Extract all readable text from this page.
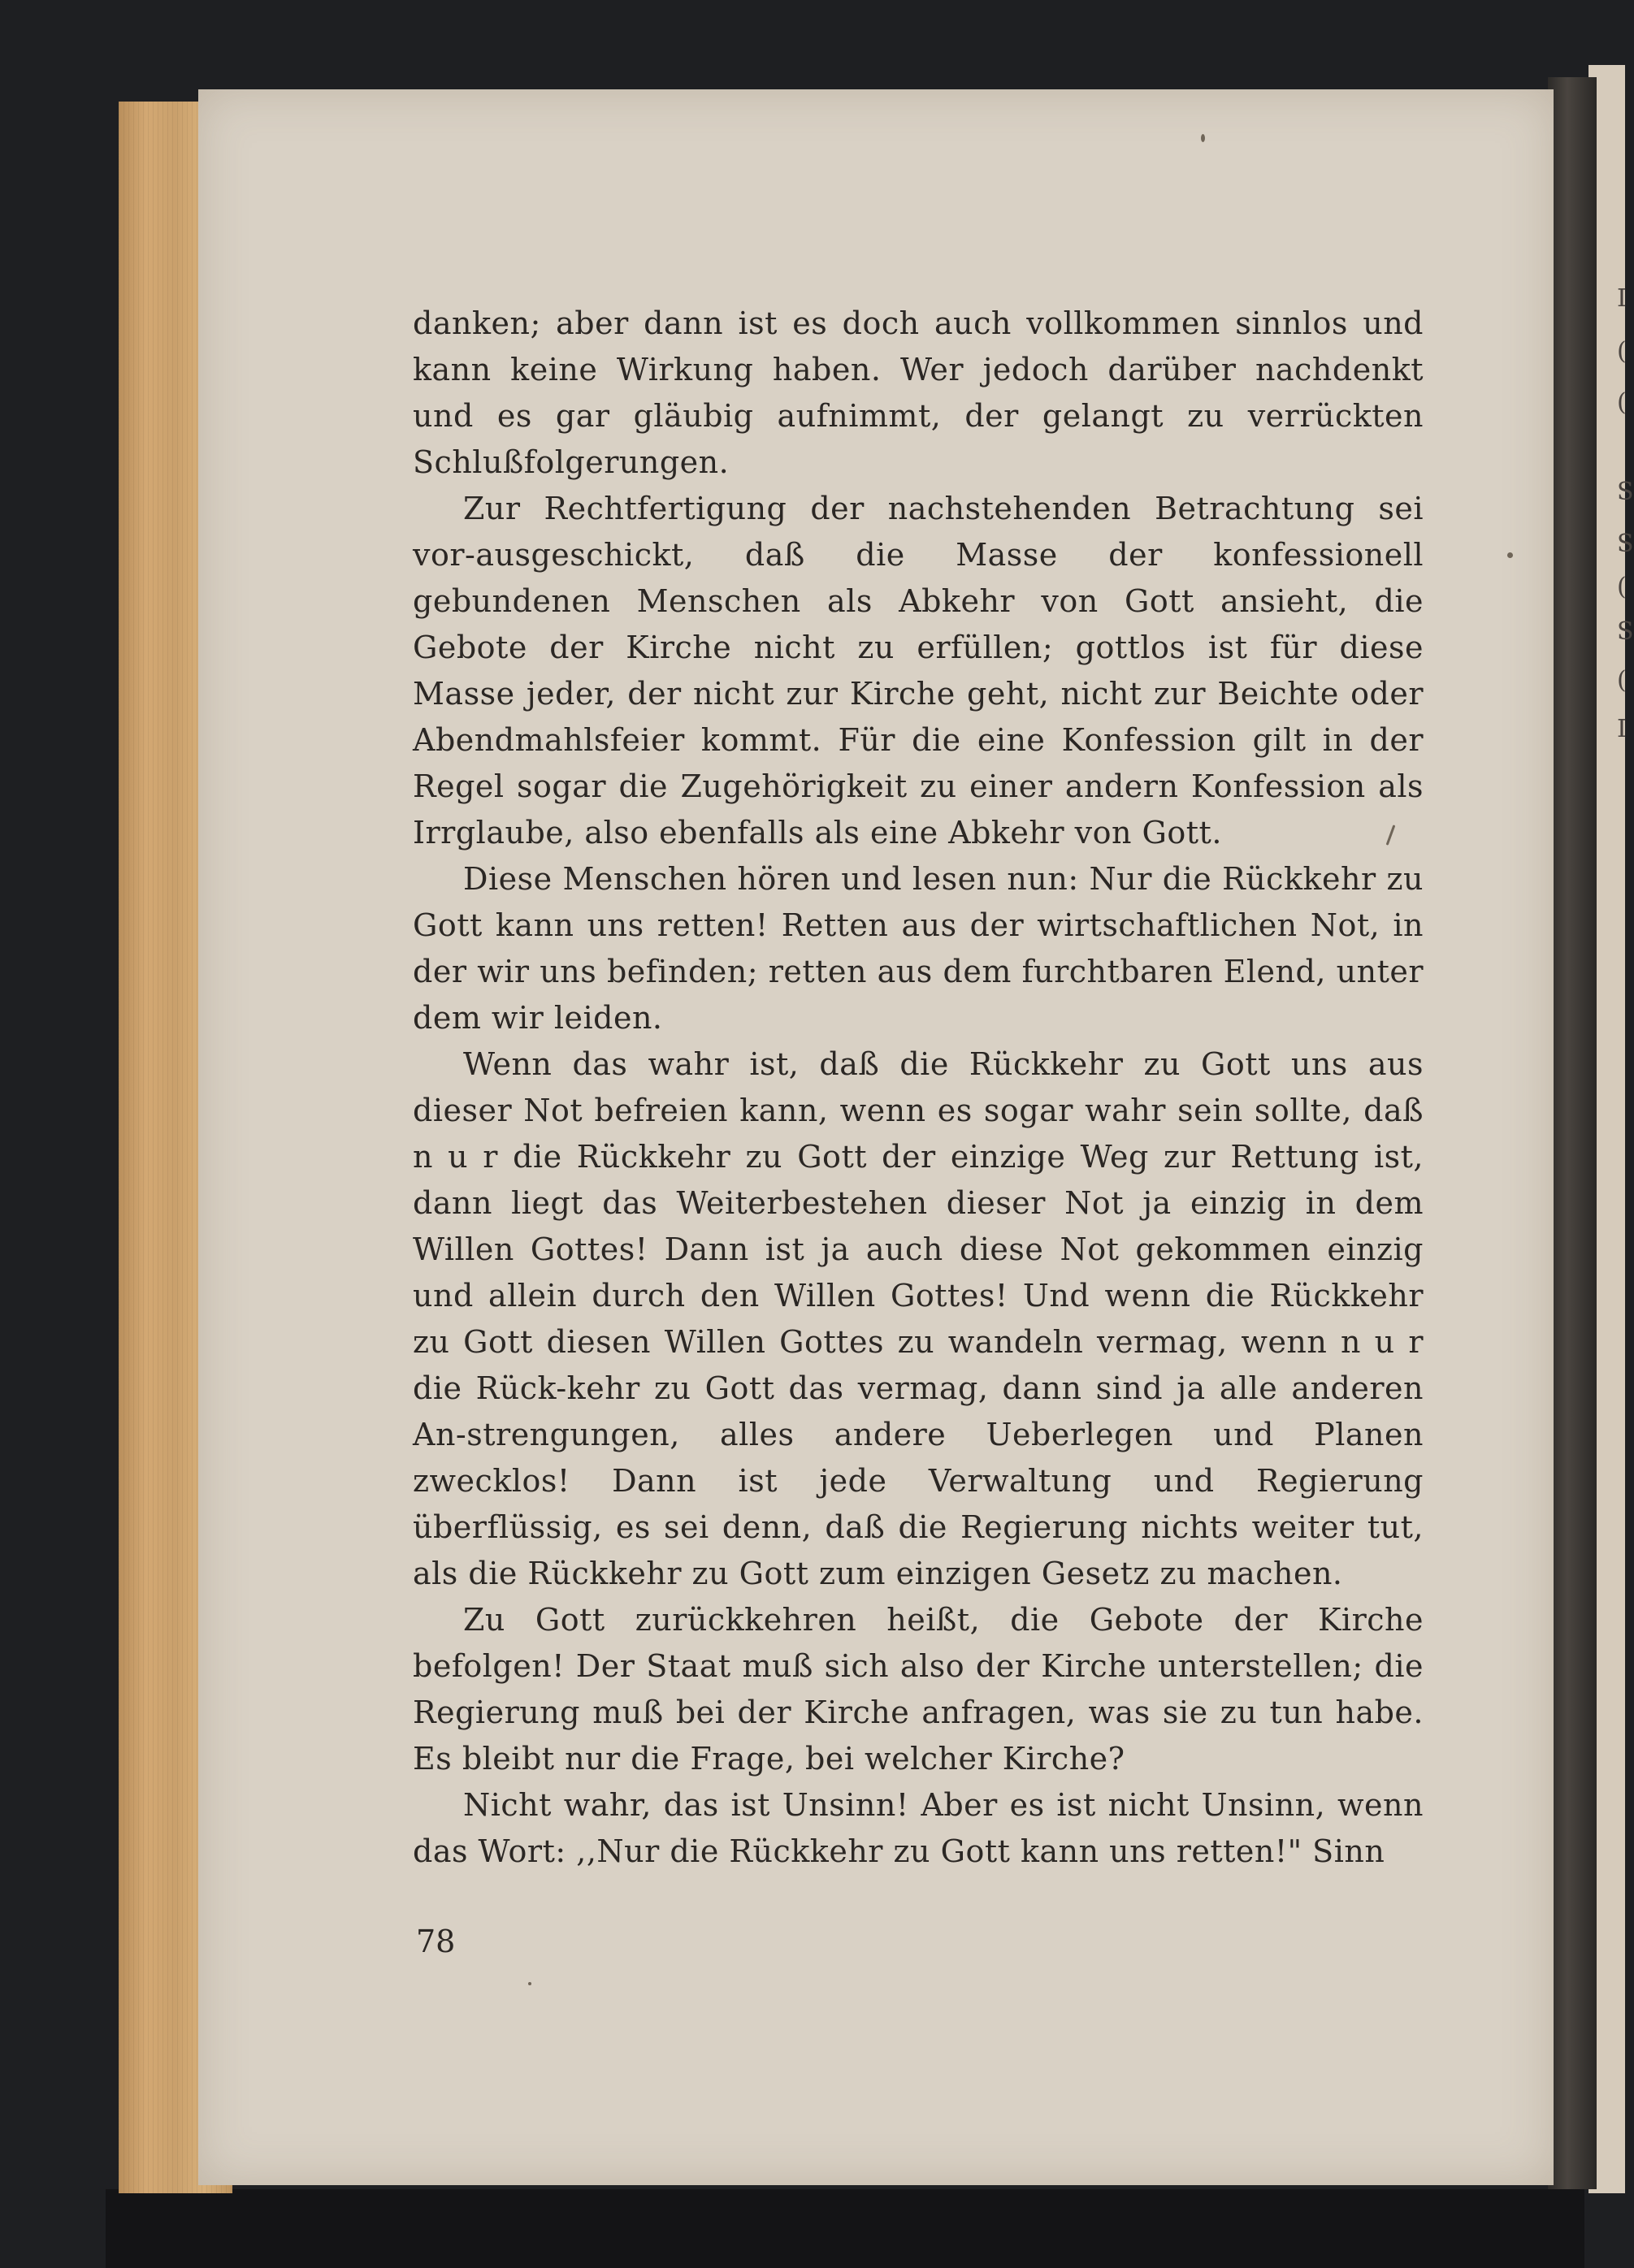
I
(
(
S
S
(
S
(
I

danken; aber dann ist es doch auch vollkommen sinnlos und kann keine Wirkung haben. Wer jedoch darüber nachdenkt und es gar gläubig aufnimmt, der gelangt zu verrückten Schlußfolgerungen.

Zur Rechtfertigung der nachstehenden Betrachtung sei vor-ausgeschickt, daß die Masse der konfessionell gebundenen Menschen als Abkehr von Gott ansieht, die Gebote der Kirche nicht zu erfüllen; gottlos ist für diese Masse jeder, der nicht zur Kirche geht, nicht zur Beichte oder Abendmahlsfeier kommt. Für die eine Konfession gilt in der Regel sogar die Zugehörigkeit zu einer andern Konfession als Irrglaube, also ebenfalls als eine Abkehr von Gott.

Diese Menschen hören und lesen nun: Nur die Rückkehr zu Gott kann uns retten! Retten aus der wirtschaftlichen Not, in der wir uns befinden; retten aus dem furchtbaren Elend, unter dem wir leiden.

Wenn das wahr ist, daß die Rückkehr zu Gott uns aus dieser Not befreien kann, wenn es sogar wahr sein sollte, daß n u r die Rückkehr zu Gott der einzige Weg zur Rettung ist, dann liegt das Weiterbestehen dieser Not ja einzig in dem Willen Gottes! Dann ist ja auch diese Not gekommen einzig und allein durch den Willen Gottes! Und wenn die Rückkehr zu Gott diesen Willen Gottes zu wandeln vermag, wenn n u r die Rück-kehr zu Gott das vermag, dann sind ja alle anderen An-strengungen, alles andere Ueberlegen und Planen zwecklos! Dann ist jede Verwaltung und Regierung überflüssig, es sei denn, daß die Regierung nichts weiter tut, als die Rückkehr zu Gott zum einzigen Gesetz zu machen.

Zu Gott zurückkehren heißt, die Gebote der Kirche befolgen! Der Staat muß sich also der Kirche unterstellen; die Regierung muß bei der Kirche anfragen, was sie zu tun habe. Es bleibt nur die Frage, bei welcher Kirche?

Nicht wahr, das ist Unsinn! Aber es ist nicht Unsinn, wenn das Wort: ,,Nur die Rückkehr zu Gott kann uns retten!" Sinn

78
